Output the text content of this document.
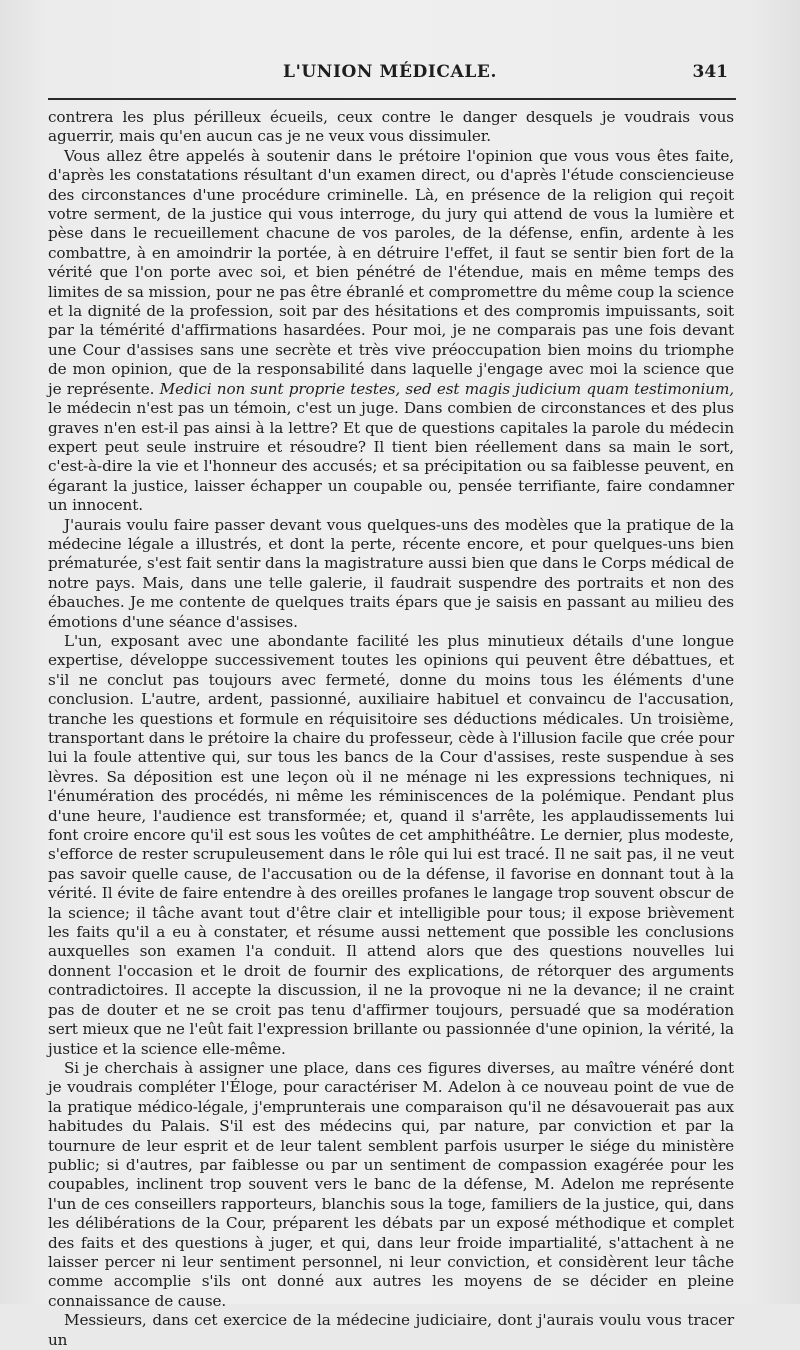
L'UNION MÉDICALE.	341

contrera les plus périlleux écueils, ceux contre le danger desquels je voudrais vous aguerrir, mais qu'en aucun cas je ne veux vous dissimuler.

Vous allez être appelés à soutenir dans le prétoire l'opinion que vous vous êtes faite, d'après les constatations résultant d'un examen direct, ou d'après l'étude consciencieuse des circonstances d'une procédure criminelle. Là, en présence de la religion qui reçoit votre serment, de la justice qui vous interroge, du jury qui attend de vous la lumière et pèse dans le recueillement chacune de vos paroles, de la défense, enfin, ardente à les combattre, à en amoindrir la portée, à en détruire l'effet, il faut se sentir bien fort de la vérité que l'on porte avec soi, et bien pénétré de l'étendue, mais en même temps des limites de sa mission, pour ne pas être ébranlé et compromettre du même coup la science et la dignité de la profession, soit par des hésitations et des compromis impuissants, soit par la témérité d'affirmations hasardées. Pour moi, je ne comparais pas une fois devant une Cour d'assises sans une secrète et très vive préoccupation bien moins du triomphe de mon opinion, que de la responsabilité dans laquelle j'engage avec moi la science que je représente. Medici non sunt proprie testes, sed est magis judicium quam testimonium, le médecin n'est pas un témoin, c'est un juge. Dans combien de circonstances et des plus graves n'en est-il pas ainsi à la lettre? Et que de questions capitales la parole du médecin expert peut seule instruire et résoudre? Il tient bien réellement dans sa main le sort, c'est-à-dire la vie et l'honneur des accusés; et sa précipitation ou sa faiblesse peuvent, en égarant la justice, laisser échapper un coupable ou, pensée terrifiante, faire condamner un innocent.

J'aurais voulu faire passer devant vous quelques-uns des modèles que la pratique de la médecine légale a illustrés, et dont la perte, récente encore, et pour quelques-uns bien prématurée, s'est fait sentir dans la magistrature aussi bien que dans le Corps médical de notre pays. Mais, dans une telle galerie, il faudrait suspendre des portraits et non des ébauches. Je me contente de quelques traits épars que je saisis en passant au milieu des émotions d'une séance d'assises.

L'un, exposant avec une abondante facilité les plus minutieux détails d'une longue expertise, développe successivement toutes les opinions qui peuvent être débattues, et s'il ne conclut pas toujours avec fermeté, donne du moins tous les éléments d'une conclusion. L'autre, ardent, passionné, auxiliaire habituel et convaincu de l'accusation, tranche les questions et formule en réquisitoire ses déductions médicales. Un troisième, transportant dans le prétoire la chaire du professeur, cède à l'illusion facile que crée pour lui la foule attentive qui, sur tous les bancs de la Cour d'assises, reste suspendue à ses lèvres. Sa déposition est une leçon où il ne ménage ni les expressions techniques, ni l'énumération des procédés, ni même les réminiscences de la polémique. Pendant plus d'une heure, l'audience est transformée; et, quand il s'arrête, les applaudissements lui font croire encore qu'il est sous les voûtes de cet amphithéâtre. Le dernier, plus modeste, s'efforce de rester scrupuleusement dans le rôle qui lui est tracé. Il ne sait pas, il ne veut pas savoir quelle cause, de l'accusation ou de la défense, il favorise en donnant tout à la vérité. Il évite de faire entendre à des oreilles profanes le langage trop souvent obscur de la science; il tâche avant tout d'être clair et intelligible pour tous; il expose brièvement les faits qu'il a eu à constater, et résume aussi nettement que possible les conclusions auxquelles son examen l'a conduit. Il attend alors que des questions nouvelles lui donnent l'occasion et le droit de fournir des explications, de rétorquer des arguments contradictoires. Il accepte la discussion, il ne la provoque ni ne la devance; il ne craint pas de douter et ne se croit pas tenu d'affirmer toujours, persuadé que sa modération sert mieux que ne l'eût fait l'expression brillante ou passionnée d'une opinion, la vérité, la justice et la science elle-même.

Si je cherchais à assigner une place, dans ces figures diverses, au maître vénéré dont je voudrais compléter l'Éloge, pour caractériser M. Adelon à ce nouveau point de vue de la pratique médico-légale, j'emprunterais une comparaison qu'il ne désavouerait pas aux habitudes du Palais. S'il est des médecins qui, par nature, par conviction et par la tournure de leur esprit et de leur talent semblent parfois usurper le siége du ministère public; si d'autres, par faiblesse ou par un sentiment de compassion exagérée pour les coupables, inclinent trop souvent vers le banc de la défense, M. Adelon me représente l'un de ces conseillers rapporteurs, blanchis sous la toge, familiers de la justice, qui, dans les délibérations de la Cour, préparent les débats par un exposé méthodique et complet des faits et des questions à juger, et qui, dans leur froide impartialité, s'attachent à ne laisser percer ni leur sentiment personnel, ni leur conviction, et considèrent leur tâche comme accomplie s'ils ont donné aux autres les moyens de se décider en pleine connaissance de cause.

Messieurs, dans cet exercice de la médecine judiciaire, dont j'aurais voulu vous tracer un
